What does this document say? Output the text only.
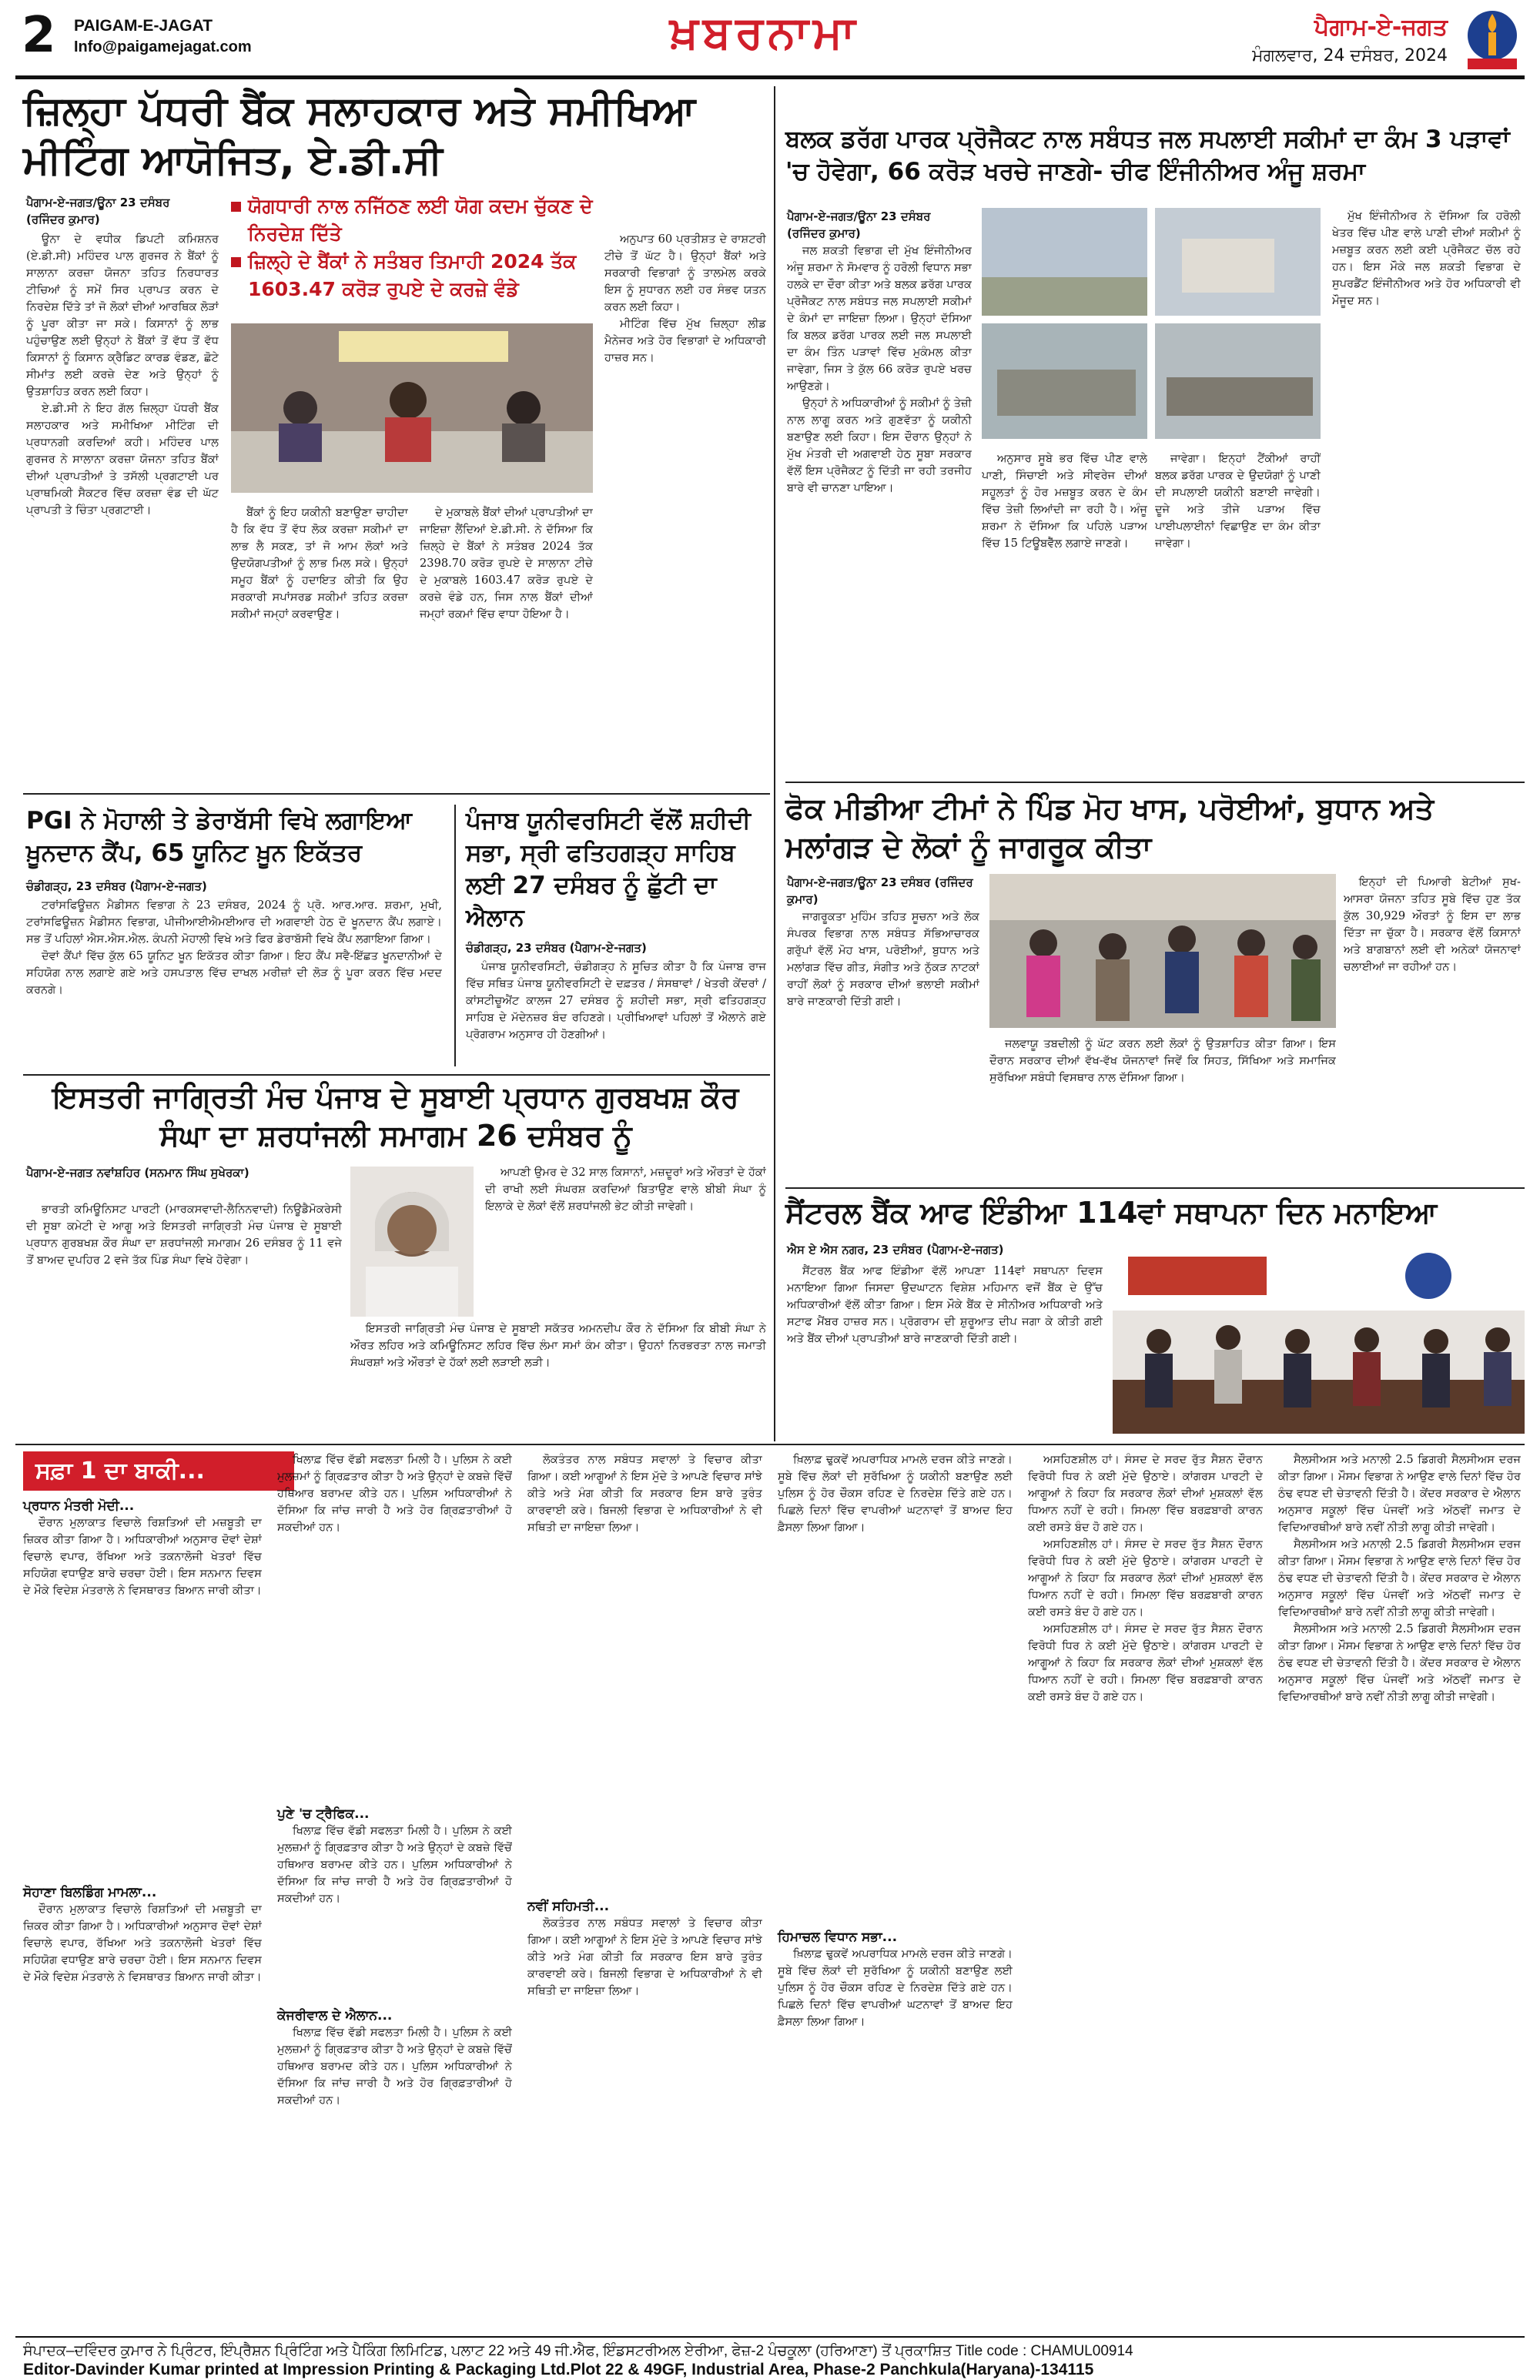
2 PAIGAM-E-JAGAT
Info@paigamejagat.com	ਖ਼ਬਰਨਾਮਾ	ਪੈਗਾਮ-ਏ-ਜਗਤ
ਮੰਗਲਵਾਰ, 24 ਦਸੰਬਰ, 2024
ਜ਼ਿਲ੍ਹਾ ਪੱਧਰੀ ਬੈਂਕ ਸਲਾਹਕਾਰ ਅਤੇ ਸਮੀਖਿਆ ਮੀਟਿੰਗ ਆਯੋਜਿਤ, ਏ.ਡੀ.ਸੀ
ਪੈਗਾਮ-ਏ-ਜਗਤ/ਊਨਾ 23 ਦਸੰਬਰ (ਰਜਿੰਦਰ ਕੁਮਾਰ)
ਯੋਗਧਾਰੀ ਨਾਲ ਨਜਿੱਠਣ ਲਈ ਯੋਗ ਕਦਮ ਚੁੱਕਣ ਦੇ ਨਿਰਦੇਸ਼ ਦਿੱਤੇ
ਜ਼ਿਲ੍ਹੇ ਦੇ ਬੈਂਕਾਂ ਨੇ ਸਤੰਬਰ ਤਿਮਾਹੀ 2024 ਤੱਕ 1603.47 ਕਰੋੜ ਰੁਪਏ ਦੇ ਕਰਜ਼ੇ ਵੰਡੇ

ਊਨਾ ਦੇ ਵਧੀਕ ਡਿਪਟੀ ਕਮਿਸ਼ਨਰ (ਏ.ਡੀ.ਸੀ) ਮਹਿੰਦਰ ਪਾਲ ਗੁਰਜਰ ਨੇ ਬੈਂਕਾਂ ਨੂੰ ਸਾਲਾਨਾ ਕਰਜ਼ਾ ਯੋਜਨਾ ਤਹਿਤ ਨਿਰਧਾਰਤ ਟੀਚਿਆਂ ਨੂੰ ਸਮੇਂ ਸਿਰ ਪ੍ਰਾਪਤ ਕਰਨ ਦੇ ਨਿਰਦੇਸ਼ ਦਿੱਤੇ ਤਾਂ ਜੋ ਲੋਕਾਂ ਦੀਆਂ ਆਰਥਿਕ ਲੋੜਾਂ ਨੂੰ ਪੂਰਾ ਕੀਤਾ ਜਾ ਸਕੇ। ਕਿਸਾਨਾਂ ਨੂੰ ਲਾਭ ਪਹੁੰਚਾਉਣ ਲਈ ਉਨ੍ਹਾਂ ਨੇ ਬੈਂਕਾਂ ਤੋਂ ਵੱਧ ਤੋਂ ਵੱਧ ਕਿਸਾਨਾਂ ਨੂੰ ਕਿਸਾਨ ਕ੍ਰੈਡਿਟ ਕਾਰਡ ਵੰਡਣ, ਛੋਟੇ ਸੀਮਾਂਤ ਲਈ ਕਰਜ਼ੇ ਦੇਣ ਅਤੇ ਉਨ੍ਹਾਂ ਨੂੰ ਉਤਸ਼ਾਹਿਤ ਕਰਨ ਲਈ ਕਿਹਾ।

ਏ.ਡੀ.ਸੀ ਨੇ ਇਹ ਗੱਲ ਜ਼ਿਲ੍ਹਾ ਪੱਧਰੀ ਬੈਂਕ ਸਲਾਹਕਾਰ ਅਤੇ ਸਮੀਖਿਆ ਮੀਟਿੰਗ ਦੀ ਪ੍ਰਧਾਨਗੀ ਕਰਦਿਆਂ ਕਹੀ। ਮਹਿੰਦਰ ਪਾਲ ਗੁਰਜਰ ਨੇ ਸਾਲਾਨਾ ਕਰਜ਼ਾ ਯੋਜਨਾ ਤਹਿਤ ਬੈਂਕਾਂ ਦੀਆਂ ਪ੍ਰਾਪਤੀਆਂ ਤੇ ਤਸੱਲੀ ਪ੍ਰਗਟਾਈ ਪਰ ਪ੍ਰਾਥਮਿਕੀ ਸੈਕਟਰ ਵਿੱਚ ਕਰਜ਼ਾ ਵੰਡ ਦੀ ਘੱਟ ਪ੍ਰਾਪਤੀ ਤੇ ਚਿੰਤਾ ਪ੍ਰਗਟਾਈ।	ਬੈਂਕਾਂ ਨੂੰ ਇਹ ਯਕੀਨੀ ਬਣਾਉਣਾ ਚਾਹੀਦਾ ਹੈ ਕਿ ਵੱਧ ਤੋਂ ਵੱਧ ਲੋਕ ਕਰਜ਼ਾ ਸਕੀਮਾਂ ਦਾ ਲਾਭ ਲੈ ਸਕਣ, ਤਾਂ ਜੋ ਆਮ ਲੋਕਾਂ ਅਤੇ ਉਦਯੋਗਪਤੀਆਂ ਨੂੰ ਲਾਭ ਮਿਲ ਸਕੇ। ਉਨ੍ਹਾਂ ਸਮੂਹ ਬੈਂਕਾਂ ਨੂੰ ਹਦਾਇਤ ਕੀਤੀ ਕਿ ਉਹ ਸਰਕਾਰੀ ਸਪਾਂਸਰਡ ਸਕੀਮਾਂ ਤਹਿਤ ਕਰਜ਼ਾ ਸਕੀਮਾਂ ਜਮ੍ਹਾਂ ਕਰਵਾਉਣ।

ਦੇ ਮੁਕਾਬਲੇ ਬੈਂਕਾਂ ਦੀਆਂ ਪ੍ਰਾਪਤੀਆਂ ਦਾ ਜਾਇਜ਼ਾ ਲੈਂਦਿਆਂ ਏ.ਡੀ.ਸੀ. ਨੇ ਦੱਸਿਆ ਕਿ ਜ਼ਿਲ੍ਹੇ ਦੇ ਬੈਂਕਾਂ ਨੇ ਸਤੰਬਰ 2024 ਤੱਕ 2398.70 ਕਰੋੜ ਰੁਪਏ ਦੇ ਸਾਲਾਨਾ ਟੀਚੇ ਦੇ ਮੁਕਾਬਲੇ 1603.47 ਕਰੋੜ ਰੁਪਏ ਦੇ ਕਰਜ਼ੇ ਵੰਡੇ ਹਨ, ਜਿਸ ਨਾਲ ਬੈਂਕਾਂ ਦੀਆਂ ਜਮ੍ਹਾਂ ਰਕਮਾਂ ਵਿੱਚ ਵਾਧਾ ਹੋਇਆ ਹੈ।

ਅਨੁਪਾਤ 60 ਪ੍ਰਤੀਸ਼ਤ ਦੇ ਰਾਸ਼ਟਰੀ ਟੀਚੇ ਤੋਂ ਘੱਟ ਹੈ। ਉਨ੍ਹਾਂ ਬੈਂਕਾਂ ਅਤੇ ਸਰਕਾਰੀ ਵਿਭਾਗਾਂ ਨੂੰ ਤਾਲਮੇਲ ਕਰਕੇ ਇਸ ਨੂੰ ਸੁਧਾਰਨ ਲਈ ਹਰ ਸੰਭਵ ਯਤਨ ਕਰਨ ਲਈ ਕਿਹਾ।

ਮੀਟਿੰਗ ਵਿੱਚ ਮੁੱਖ ਜ਼ਿਲ੍ਹਾ ਲੀਡ ਮੈਨੇਜਰ ਅਤੇ ਹੋਰ ਵਿਭਾਗਾਂ ਦੇ ਅਧਿਕਾਰੀ ਹਾਜ਼ਰ ਸਨ।

PGI ਨੇ ਮੋਹਾਲੀ ਤੇ ਡੇਰਾਬੱਸੀ ਵਿਖੇ ਲਗਾਇਆ ਖ਼ੂਨਦਾਨ ਕੈਂਪ, 65 ਯੂਨਿਟ ਖ਼ੂਨ ਇਕੱਤਰ
ਚੰਡੀਗੜ੍ਹ, 23 ਦਸੰਬਰ (ਪੈਗਾਮ-ਏ-ਜਗਤ)

ਟਰਾਂਸਫਿਊਜ਼ਨ ਮੈਡੀਸਨ ਵਿਭਾਗ ਨੇ 23 ਦਸੰਬਰ, 2024 ਨੂੰ ਪ੍ਰੋ. ਆਰ.ਆਰ. ਸ਼ਰਮਾ, ਮੁਖੀ, ਟਰਾਂਸਫਿਊਜ਼ਨ ਮੈਡੀਸਨ ਵਿਭਾਗ, ਪੀਜੀਆਈਐਮਈਆਰ ਦੀ ਅਗਵਾਈ ਹੇਠ ਦੋ ਖੂਨਦਾਨ ਕੈਂਪ ਲਗਾਏ। ਸਭ ਤੋਂ ਪਹਿਲਾਂ ਐਸ.ਐਸ.ਐਲ. ਕੰਪਨੀ ਮੋਹਾਲੀ ਵਿਖੇ ਅਤੇ ਫਿਰ ਡੇਰਾਬੱਸੀ ਵਿਖੇ ਕੈਂਪ ਲਗਾਇਆ ਗਿਆ।

ਦੋਵਾਂ ਕੈਂਪਾਂ ਵਿੱਚ ਕੁੱਲ 65 ਯੂਨਿਟ ਖੂਨ ਇਕੱਤਰ ਕੀਤਾ ਗਿਆ। ਇਹ ਕੈਂਪ ਸਵੈ-ਇੱਛਤ ਖੂਨਦਾਨੀਆਂ ਦੇ ਸਹਿਯੋਗ ਨਾਲ ਲਗਾਏ ਗਏ ਅਤੇ ਹਸਪਤਾਲ ਵਿੱਚ ਦਾਖਲ ਮਰੀਜ਼ਾਂ ਦੀ ਲੋੜ ਨੂੰ ਪੂਰਾ ਕਰਨ ਵਿੱਚ ਮਦਦ ਕਰਨਗੇ।

ਪੰਜਾਬ ਯੂਨੀਵਰਸਿਟੀ ਵੱਲੋਂ ਸ਼ਹੀਦੀ ਸਭਾ, ਸ੍ਰੀ ਫਤਿਹਗੜ੍ਹ ਸਾਹਿਬ ਲਈ 27 ਦਸੰਬਰ ਨੂੰ ਛੁੱਟੀ ਦਾ ਐਲਾਨ
ਚੰਡੀਗੜ੍ਹ, 23 ਦਸੰਬਰ (ਪੈਗਾਮ-ਏ-ਜਗਤ)

ਪੰਜਾਬ ਯੂਨੀਵਰਸਿਟੀ, ਚੰਡੀਗੜ੍ਹ ਨੇ ਸੂਚਿਤ ਕੀਤਾ ਹੈ ਕਿ ਪੰਜਾਬ ਰਾਜ ਵਿੱਚ ਸਥਿਤ ਪੰਜਾਬ ਯੂਨੀਵਰਸਿਟੀ ਦੇ ਦਫ਼ਤਰ / ਸੰਸਥਾਵਾਂ / ਖੇਤਰੀ ਕੇਂਦਰਾਂ / ਕਾਂਸਟੀਚੂਐਂਟ ਕਾਲਜ 27 ਦਸੰਬਰ ਨੂੰ ਸ਼ਹੀਦੀ ਸਭਾ, ਸ੍ਰੀ ਫਤਿਹਗੜ੍ਹ ਸਾਹਿਬ ਦੇ ਮੱਦੇਨਜ਼ਰ ਬੰਦ ਰਹਿਣਗੇ। ਪ੍ਰੀਖਿਆਵਾਂ ਪਹਿਲਾਂ ਤੋਂ ਐਲਾਨੇ ਗਏ ਪ੍ਰੋਗਰਾਮ ਅਨੁਸਾਰ ਹੀ ਹੋਣਗੀਆਂ।

ਇਸਤਰੀ ਜਾਗ੍ਰਿਤੀ ਮੰਚ ਪੰਜਾਬ ਦੇ ਸੂਬਾਈ ਪ੍ਰਧਾਨ ਗੁਰਬਖਸ਼ ਕੌਰ ਸੰਘਾ ਦਾ ਸ਼ਰਧਾਂਜਲੀ ਸਮਾਗਮ 26 ਦਸੰਬਰ ਨੂੰ
ਪੈਗਾਮ-ਏ-ਜਗਤ ਨਵਾਂਸ਼ਹਿਰ (ਸਨਮਾਨ ਸਿੰਘ ਸੁਖੇਰਕਾ)

ਭਾਰਤੀ ਕਮਿਊਨਿਸਟ ਪਾਰਟੀ (ਮਾਰਕਸਵਾਦੀ-ਲੈਨਿਨਵਾਦੀ) ਨਿਊਡੈਮੋਕਰੇਸੀ ਦੀ ਸੂਬਾ ਕਮੇਟੀ ਦੇ ਆਗੂ ਅਤੇ ਇਸਤਰੀ ਜਾਗ੍ਰਿਤੀ ਮੰਚ ਪੰਜਾਬ ਦੇ ਸੂਬਾਈ ਪ੍ਰਧਾਨ ਗੁਰਬਖਸ਼ ਕੌਰ ਸੰਘਾ ਦਾ ਸ਼ਰਧਾਂਜਲੀ ਸਮਾਗਮ 26 ਦਸੰਬਰ ਨੂੰ 11 ਵਜੇ ਤੋਂ ਬਾਅਦ ਦੁਪਹਿਰ 2 ਵਜੇ ਤੱਕ ਪਿੰਡ ਸੰਘਾ ਵਿਖੇ ਹੋਵੇਗਾ।

ਆਪਣੀ ਉਮਰ ਦੇ 32 ਸਾਲ ਕਿਸਾਨਾਂ, ਮਜ਼ਦੂਰਾਂ ਅਤੇ ਔਰਤਾਂ ਦੇ ਹੱਕਾਂ ਦੀ ਰਾਖੀ ਲਈ ਸੰਘਰਸ਼ ਕਰਦਿਆਂ ਬਿਤਾਉਣ ਵਾਲੇ ਬੀਬੀ ਸੰਘਾ ਨੂੰ ਇਲਾਕੇ ਦੇ ਲੋਕਾਂ ਵੱਲੋਂ ਸ਼ਰਧਾਂਜਲੀ ਭੇਟ ਕੀਤੀ ਜਾਵੇਗੀ।

ਇਸਤਰੀ ਜਾਗ੍ਰਿਤੀ ਮੰਚ ਪੰਜਾਬ ਦੇ ਸੂਬਾਈ ਸਕੱਤਰ ਅਮਨਦੀਪ ਕੌਰ ਨੇ ਦੱਸਿਆ ਕਿ ਬੀਬੀ ਸੰਘਾ ਨੇ ਔਰਤ ਲਹਿਰ ਅਤੇ ਕਮਿਊਨਿਸਟ ਲਹਿਰ ਵਿੱਚ ਲੰਮਾ ਸਮਾਂ ਕੰਮ ਕੀਤਾ। ਉਹਨਾਂ ਨਿਰਭਰਤਾ ਨਾਲ ਜਮਾਤੀ ਸੰਘਰਸ਼ਾਂ ਅਤੇ ਔਰਤਾਂ ਦੇ ਹੱਕਾਂ ਲਈ ਲੜਾਈ ਲੜੀ।

ਬਲਕ ਡਰੱਗ ਪਾਰਕ ਪ੍ਰੋਜੈਕਟ ਨਾਲ ਸਬੰਧਤ ਜਲ ਸਪਲਾਈ ਸਕੀਮਾਂ ਦਾ ਕੰਮ 3 ਪੜਾਵਾਂ 'ਚ ਹੋਵੇਗਾ, 66 ਕਰੋੜ ਖਰਚੇ ਜਾਣਗੇ- ਚੀਫ ਇੰਜੀਨੀਅਰ ਅੰਜੂ ਸ਼ਰਮਾ
ਪੈਗਾਮ-ਏ-ਜਗਤ/ਊਨਾ 23 ਦਸੰਬਰ (ਰਜਿੰਦਰ ਕੁਮਾਰ)

ਜਲ ਸ਼ਕਤੀ ਵਿਭਾਗ ਦੀ ਮੁੱਖ ਇੰਜੀਨੀਅਰ ਅੰਜੂ ਸ਼ਰਮਾ ਨੇ ਸੋਮਵਾਰ ਨੂੰ ਹਰੋਲੀ ਵਿਧਾਨ ਸਭਾ ਹਲਕੇ ਦਾ ਦੌਰਾ ਕੀਤਾ ਅਤੇ ਬਲਕ ਡਰੱਗ ਪਾਰਕ ਪ੍ਰੋਜੈਕਟ ਨਾਲ ਸਬੰਧਤ ਜਲ ਸਪਲਾਈ ਸਕੀਮਾਂ ਦੇ ਕੰਮਾਂ ਦਾ ਜਾਇਜ਼ਾ ਲਿਆ। ਉਨ੍ਹਾਂ ਦੱਸਿਆ ਕਿ ਬਲਕ ਡਰੱਗ ਪਾਰਕ ਲਈ ਜਲ ਸਪਲਾਈ ਦਾ ਕੰਮ ਤਿੰਨ ਪੜਾਵਾਂ ਵਿੱਚ ਮੁਕੰਮਲ ਕੀਤਾ ਜਾਵੇਗਾ, ਜਿਸ ਤੇ ਕੁੱਲ 66 ਕਰੋੜ ਰੁਪਏ ਖਰਚ ਆਉਣਗੇ।

ਉਨ੍ਹਾਂ ਨੇ ਅਧਿਕਾਰੀਆਂ ਨੂੰ ਸਕੀਮਾਂ ਨੂੰ ਤੇਜ਼ੀ ਨਾਲ ਲਾਗੂ ਕਰਨ ਅਤੇ ਗੁਣਵੱਤਾ ਨੂੰ ਯਕੀਨੀ ਬਣਾਉਣ ਲਈ ਕਿਹਾ। ਇਸ ਦੌਰਾਨ ਉਨ੍ਹਾਂ ਨੇ ਮੁੱਖ ਮੰਤਰੀ ਦੀ ਅਗਵਾਈ ਹੇਠ ਸੂਬਾ ਸਰਕਾਰ ਵੱਲੋਂ ਇਸ ਪ੍ਰੋਜੈਕਟ ਨੂੰ ਦਿੱਤੀ ਜਾ ਰਹੀ ਤਰਜੀਹ ਬਾਰੇ ਵੀ ਚਾਨਣਾ ਪਾਇਆ।

ਅਨੁਸਾਰ ਸੂਬੇ ਭਰ ਵਿੱਚ ਪੀਣ ਵਾਲੇ ਪਾਣੀ, ਸਿੰਚਾਈ ਅਤੇ ਸੀਵਰੇਜ ਦੀਆਂ ਸਹੂਲਤਾਂ ਨੂੰ ਹੋਰ ਮਜ਼ਬੂਤ ਕਰਨ ਦੇ ਕੰਮ ਵਿੱਚ ਤੇਜ਼ੀ ਲਿਆਂਦੀ ਜਾ ਰਹੀ ਹੈ। ਅੰਜੂ ਸ਼ਰਮਾ ਨੇ ਦੱਸਿਆ ਕਿ ਪਹਿਲੇ ਪੜਾਅ ਵਿੱਚ 15 ਟਿਊਬਵੈੱਲ ਲਗਾਏ ਜਾਣਗੇ।

ਜਾਵੇਗਾ। ਇਨ੍ਹਾਂ ਟੈਂਕੀਆਂ ਰਾਹੀਂ ਬਲਕ ਡਰੱਗ ਪਾਰਕ ਦੇ ਉਦਯੋਗਾਂ ਨੂੰ ਪਾਣੀ ਦੀ ਸਪਲਾਈ ਯਕੀਨੀ ਬਣਾਈ ਜਾਵੇਗੀ। ਦੂਜੇ ਅਤੇ ਤੀਜੇ ਪੜਾਅ ਵਿੱਚ ਪਾਈਪਲਾਈਨਾਂ ਵਿਛਾਉਣ ਦਾ ਕੰਮ ਕੀਤਾ ਜਾਵੇਗਾ।

ਮੁੱਖ ਇੰਜੀਨੀਅਰ ਨੇ ਦੱਸਿਆ ਕਿ ਹਰੋਲੀ ਖੇਤਰ ਵਿੱਚ ਪੀਣ ਵਾਲੇ ਪਾਣੀ ਦੀਆਂ ਸਕੀਮਾਂ ਨੂੰ ਮਜ਼ਬੂਤ ਕਰਨ ਲਈ ਕਈ ਪ੍ਰੋਜੈਕਟ ਚੱਲ ਰਹੇ ਹਨ। ਇਸ ਮੌਕੇ ਜਲ ਸ਼ਕਤੀ ਵਿਭਾਗ ਦੇ ਸੁਪਰਡੈਂਟ ਇੰਜੀਨੀਅਰ ਅਤੇ ਹੋਰ ਅਧਿਕਾਰੀ ਵੀ ਮੌਜੂਦ ਸਨ।

ਫੋਕ ਮੀਡੀਆ ਟੀਮਾਂ ਨੇ ਪਿੰਡ ਮੋਹ ਖਾਸ, ਪਰੋਈਆਂ, ਬੁਧਾਨ ਅਤੇ ਮਲਾਂਗੜ ਦੇ ਲੋਕਾਂ ਨੂੰ ਜਾਗਰੂਕ ਕੀਤਾ
ਪੈਗਾਮ-ਏ-ਜਗਤ/ਊਨਾ 23 ਦਸੰਬਰ (ਰਜਿੰਦਰ ਕੁਮਾਰ)

ਜਾਗਰੂਕਤਾ ਮੁਹਿੰਮ ਤਹਿਤ ਸੂਚਨਾ ਅਤੇ ਲੋਕ ਸੰਪਰਕ ਵਿਭਾਗ ਨਾਲ ਸਬੰਧਤ ਸੱਭਿਆਚਾਰਕ ਗਰੁੱਪਾਂ ਵੱਲੋਂ ਮੋਹ ਖਾਸ, ਪਰੋਈਆਂ, ਬੁਧਾਨ ਅਤੇ ਮਲਾਂਗੜ ਵਿੱਚ ਗੀਤ, ਸੰਗੀਤ ਅਤੇ ਨੁੱਕੜ ਨਾਟਕਾਂ ਰਾਹੀਂ ਲੋਕਾਂ ਨੂੰ ਸਰਕਾਰ ਦੀਆਂ ਭਲਾਈ ਸਕੀਮਾਂ ਬਾਰੇ ਜਾਣਕਾਰੀ ਦਿੱਤੀ ਗਈ।

ਜਲਵਾਯੂ ਤਬਦੀਲੀ ਨੂੰ ਘੱਟ ਕਰਨ ਲਈ ਲੋਕਾਂ ਨੂੰ ਉਤਸ਼ਾਹਿਤ ਕੀਤਾ ਗਿਆ। ਇਸ ਦੌਰਾਨ ਸਰਕਾਰ ਦੀਆਂ ਵੱਖ-ਵੱਖ ਯੋਜਨਾਵਾਂ ਜਿਵੇਂ ਕਿ ਸਿਹਤ, ਸਿੱਖਿਆ ਅਤੇ ਸਮਾਜਿਕ ਸੁਰੱਖਿਆ ਸਬੰਧੀ ਵਿਸਥਾਰ ਨਾਲ ਦੱਸਿਆ ਗਿਆ।

ਇਨ੍ਹਾਂ ਦੀ ਪਿਆਰੀ ਬੇਟੀਆਂ ਸੁਖ-ਆਸਰਾ ਯੋਜਨਾ ਤਹਿਤ ਸੂਬੇ ਵਿੱਚ ਹੁਣ ਤੱਕ ਕੁੱਲ 30,929 ਔਰਤਾਂ ਨੂੰ ਇਸ ਦਾ ਲਾਭ ਦਿੱਤਾ ਜਾ ਚੁੱਕਾ ਹੈ। ਸਰਕਾਰ ਵੱਲੋਂ ਕਿਸਾਨਾਂ ਅਤੇ ਬਾਗਬਾਨਾਂ ਲਈ ਵੀ ਅਨੇਕਾਂ ਯੋਜਨਾਵਾਂ ਚਲਾਈਆਂ ਜਾ ਰਹੀਆਂ ਹਨ।

ਸੈਂਟਰਲ ਬੈਂਕ ਆਫ ਇੰਡੀਆ 114ਵਾਂ ਸਥਾਪਨਾ ਦਿਨ ਮਨਾਇਆ
ਐਸ ਏ ਐਸ ਨਗਰ, 23 ਦਸੰਬਰ (ਪੈਗਾਮ-ਏ-ਜਗਤ)

ਸੈਂਟਰਲ ਬੈਂਕ ਆਫ ਇੰਡੀਆ ਵੱਲੋਂ ਆਪਣਾ 114ਵਾਂ ਸਥਾਪਨਾ ਦਿਵਸ ਮਨਾਇਆ ਗਿਆ ਜਿਸਦਾ ਉਦਘਾਟਨ ਵਿਸ਼ੇਸ਼ ਮਹਿਮਾਨ ਵਜੋਂ ਬੈਂਕ ਦੇ ਉੱਚ ਅਧਿਕਾਰੀਆਂ ਵੱਲੋਂ ਕੀਤਾ ਗਿਆ। ਇਸ ਮੌਕੇ ਬੈਂਕ ਦੇ ਸੀਨੀਅਰ ਅਧਿਕਾਰੀ ਅਤੇ ਸਟਾਫ ਮੈਂਬਰ ਹਾਜ਼ਰ ਸਨ। ਪ੍ਰੋਗਰਾਮ ਦੀ ਸ਼ੁਰੂਆਤ ਦੀਪ ਜਗਾ ਕੇ ਕੀਤੀ ਗਈ ਅਤੇ ਬੈਂਕ ਦੀਆਂ ਪ੍ਰਾਪਤੀਆਂ ਬਾਰੇ ਜਾਣਕਾਰੀ ਦਿੱਤੀ ਗਈ।

ਸਫ਼ਾ 1 ਦਾ ਬਾਕੀ...
ਪ੍ਰਧਾਨ ਮੰਤਰੀ ਮੋਦੀ...

ਦੌਰਾਨ ਮੁਲਾਕਾਤ ਵਿਚਾਲੇ ਰਿਸ਼ਤਿਆਂ ਦੀ ਮਜ਼ਬੂਤੀ ਦਾ ਜ਼ਿਕਰ ਕੀਤਾ ਗਿਆ ਹੈ। ਅਧਿਕਾਰੀਆਂ ਅਨੁਸਾਰ ਦੋਵਾਂ ਦੇਸ਼ਾਂ ਵਿਚਾਲੇ ਵਪਾਰ, ਰੱਖਿਆ ਅਤੇ ਤਕਨਾਲੋਜੀ ਖੇਤਰਾਂ ਵਿੱਚ ਸਹਿਯੋਗ ਵਧਾਉਣ ਬਾਰੇ ਚਰਚਾ ਹੋਈ। ਇਸ ਸਨਮਾਨ ਦਿਵਸ ਦੇ ਮੌਕੇ ਵਿਦੇਸ਼ ਮੰਤਰਾਲੇ ਨੇ ਵਿਸਥਾਰਤ ਬਿਆਨ ਜਾਰੀ ਕੀਤਾ।

ਸੋਹਾਣਾ ਬਿਲਡਿੰਗ ਮਾਮਲਾ...

ਦੌਰਾਨ ਮੁਲਾਕਾਤ ਵਿਚਾਲੇ ਰਿਸ਼ਤਿਆਂ ਦੀ ਮਜ਼ਬੂਤੀ ਦਾ ਜ਼ਿਕਰ ਕੀਤਾ ਗਿਆ ਹੈ। ਅਧਿਕਾਰੀਆਂ ਅਨੁਸਾਰ ਦੋਵਾਂ ਦੇਸ਼ਾਂ ਵਿਚਾਲੇ ਵਪਾਰ, ਰੱਖਿਆ ਅਤੇ ਤਕਨਾਲੋਜੀ ਖੇਤਰਾਂ ਵਿੱਚ ਸਹਿਯੋਗ ਵਧਾਉਣ ਬਾਰੇ ਚਰਚਾ ਹੋਈ। ਇਸ ਸਨਮਾਨ ਦਿਵਸ ਦੇ ਮੌਕੇ ਵਿਦੇਸ਼ ਮੰਤਰਾਲੇ ਨੇ ਵਿਸਥਾਰਤ ਬਿਆਨ ਜਾਰੀ ਕੀਤਾ।

ਖਿਲਾਫ਼ ਵਿੱਚ ਵੱਡੀ ਸਫਲਤਾ ਮਿਲੀ ਹੈ। ਪੁਲਿਸ ਨੇ ਕਈ ਮੁਲਜ਼ਮਾਂ ਨੂੰ ਗ੍ਰਿਫ਼ਤਾਰ ਕੀਤਾ ਹੈ ਅਤੇ ਉਨ੍ਹਾਂ ਦੇ ਕਬਜ਼ੇ ਵਿੱਚੋਂ ਹਥਿਆਰ ਬਰਾਮਦ ਕੀਤੇ ਹਨ। ਪੁਲਿਸ ਅਧਿਕਾਰੀਆਂ ਨੇ ਦੱਸਿਆ ਕਿ ਜਾਂਚ ਜਾਰੀ ਹੈ ਅਤੇ ਹੋਰ ਗ੍ਰਿਫ਼ਤਾਰੀਆਂ ਹੋ ਸਕਦੀਆਂ ਹਨ।

ਪੁਣੇ 'ਚ ਟ੍ਰੈਫਿਕ...

ਖਿਲਾਫ਼ ਵਿੱਚ ਵੱਡੀ ਸਫਲਤਾ ਮਿਲੀ ਹੈ। ਪੁਲਿਸ ਨੇ ਕਈ ਮੁਲਜ਼ਮਾਂ ਨੂੰ ਗ੍ਰਿਫ਼ਤਾਰ ਕੀਤਾ ਹੈ ਅਤੇ ਉਨ੍ਹਾਂ ਦੇ ਕਬਜ਼ੇ ਵਿੱਚੋਂ ਹਥਿਆਰ ਬਰਾਮਦ ਕੀਤੇ ਹਨ। ਪੁਲਿਸ ਅਧਿਕਾਰੀਆਂ ਨੇ ਦੱਸਿਆ ਕਿ ਜਾਂਚ ਜਾਰੀ ਹੈ ਅਤੇ ਹੋਰ ਗ੍ਰਿਫ਼ਤਾਰੀਆਂ ਹੋ ਸਕਦੀਆਂ ਹਨ।

ਕੇਜਰੀਵਾਲ ਦੇ ਐਲਾਨ...

ਖਿਲਾਫ਼ ਵਿੱਚ ਵੱਡੀ ਸਫਲਤਾ ਮਿਲੀ ਹੈ। ਪੁਲਿਸ ਨੇ ਕਈ ਮੁਲਜ਼ਮਾਂ ਨੂੰ ਗ੍ਰਿਫ਼ਤਾਰ ਕੀਤਾ ਹੈ ਅਤੇ ਉਨ੍ਹਾਂ ਦੇ ਕਬਜ਼ੇ ਵਿੱਚੋਂ ਹਥਿਆਰ ਬਰਾਮਦ ਕੀਤੇ ਹਨ। ਪੁਲਿਸ ਅਧਿਕਾਰੀਆਂ ਨੇ ਦੱਸਿਆ ਕਿ ਜਾਂਚ ਜਾਰੀ ਹੈ ਅਤੇ ਹੋਰ ਗ੍ਰਿਫ਼ਤਾਰੀਆਂ ਹੋ ਸਕਦੀਆਂ ਹਨ।

ਲੋਕਤੰਤਰ ਨਾਲ ਸਬੰਧਤ ਸਵਾਲਾਂ ਤੇ ਵਿਚਾਰ ਕੀਤਾ ਗਿਆ। ਕਈ ਆਗੂਆਂ ਨੇ ਇਸ ਮੁੱਦੇ ਤੇ ਆਪਣੇ ਵਿਚਾਰ ਸਾਂਝੇ ਕੀਤੇ ਅਤੇ ਮੰਗ ਕੀਤੀ ਕਿ ਸਰਕਾਰ ਇਸ ਬਾਰੇ ਤੁਰੰਤ ਕਾਰਵਾਈ ਕਰੇ। ਬਿਜਲੀ ਵਿਭਾਗ ਦੇ ਅਧਿਕਾਰੀਆਂ ਨੇ ਵੀ ਸਥਿਤੀ ਦਾ ਜਾਇਜ਼ਾ ਲਿਆ।

ਨਵੀਂ ਸਹਿਮਤੀ...

ਲੋਕਤੰਤਰ ਨਾਲ ਸਬੰਧਤ ਸਵਾਲਾਂ ਤੇ ਵਿਚਾਰ ਕੀਤਾ ਗਿਆ। ਕਈ ਆਗੂਆਂ ਨੇ ਇਸ ਮੁੱਦੇ ਤੇ ਆਪਣੇ ਵਿਚਾਰ ਸਾਂਝੇ ਕੀਤੇ ਅਤੇ ਮੰਗ ਕੀਤੀ ਕਿ ਸਰਕਾਰ ਇਸ ਬਾਰੇ ਤੁਰੰਤ ਕਾਰਵਾਈ ਕਰੇ। ਬਿਜਲੀ ਵਿਭਾਗ ਦੇ ਅਧਿਕਾਰੀਆਂ ਨੇ ਵੀ ਸਥਿਤੀ ਦਾ ਜਾਇਜ਼ਾ ਲਿਆ।

ਖ਼ਿਲਾਫ਼ ਢੁਕਵੇਂ ਅਪਰਾਧਿਕ ਮਾਮਲੇ ਦਰਜ ਕੀਤੇ ਜਾਣਗੇ। ਸੂਬੇ ਵਿੱਚ ਲੋਕਾਂ ਦੀ ਸੁਰੱਖਿਆ ਨੂੰ ਯਕੀਨੀ ਬਣਾਉਣ ਲਈ ਪੁਲਿਸ ਨੂੰ ਹੋਰ ਚੌਕਸ ਰਹਿਣ ਦੇ ਨਿਰਦੇਸ਼ ਦਿੱਤੇ ਗਏ ਹਨ। ਪਿਛਲੇ ਦਿਨਾਂ ਵਿੱਚ ਵਾਪਰੀਆਂ ਘਟਨਾਵਾਂ ਤੋਂ ਬਾਅਦ ਇਹ ਫ਼ੈਸਲਾ ਲਿਆ ਗਿਆ।

ਹਿਮਾਚਲ ਵਿਧਾਨ ਸਭਾ...

ਖ਼ਿਲਾਫ਼ ਢੁਕਵੇਂ ਅਪਰਾਧਿਕ ਮਾਮਲੇ ਦਰਜ ਕੀਤੇ ਜਾਣਗੇ। ਸੂਬੇ ਵਿੱਚ ਲੋਕਾਂ ਦੀ ਸੁਰੱਖਿਆ ਨੂੰ ਯਕੀਨੀ ਬਣਾਉਣ ਲਈ ਪੁਲਿਸ ਨੂੰ ਹੋਰ ਚੌਕਸ ਰਹਿਣ ਦੇ ਨਿਰਦੇਸ਼ ਦਿੱਤੇ ਗਏ ਹਨ। ਪਿਛਲੇ ਦਿਨਾਂ ਵਿੱਚ ਵਾਪਰੀਆਂ ਘਟਨਾਵਾਂ ਤੋਂ ਬਾਅਦ ਇਹ ਫ਼ੈਸਲਾ ਲਿਆ ਗਿਆ।

ਅਸਹਿਣਸ਼ੀਲ ਹਾਂ। ਸੰਸਦ ਦੇ ਸਰਦ ਰੁੱਤ ਸੈਸ਼ਨ ਦੌਰਾਨ ਵਿਰੋਧੀ ਧਿਰ ਨੇ ਕਈ ਮੁੱਦੇ ਉਠਾਏ। ਕਾਂਗਰਸ ਪਾਰਟੀ ਦੇ ਆਗੂਆਂ ਨੇ ਕਿਹਾ ਕਿ ਸਰਕਾਰ ਲੋਕਾਂ ਦੀਆਂ ਮੁਸ਼ਕਲਾਂ ਵੱਲ ਧਿਆਨ ਨਹੀਂ ਦੇ ਰਹੀ। ਸਿਮਲਾ ਵਿੱਚ ਬਰਫ਼ਬਾਰੀ ਕਾਰਨ ਕਈ ਰਸਤੇ ਬੰਦ ਹੋ ਗਏ ਹਨ।

ਅਸਹਿਣਸ਼ੀਲ ਹਾਂ। ਸੰਸਦ ਦੇ ਸਰਦ ਰੁੱਤ ਸੈਸ਼ਨ ਦੌਰਾਨ ਵਿਰੋਧੀ ਧਿਰ ਨੇ ਕਈ ਮੁੱਦੇ ਉਠਾਏ। ਕਾਂਗਰਸ ਪਾਰਟੀ ਦੇ ਆਗੂਆਂ ਨੇ ਕਿਹਾ ਕਿ ਸਰਕਾਰ ਲੋਕਾਂ ਦੀਆਂ ਮੁਸ਼ਕਲਾਂ ਵੱਲ ਧਿਆਨ ਨਹੀਂ ਦੇ ਰਹੀ। ਸਿਮਲਾ ਵਿੱਚ ਬਰਫ਼ਬਾਰੀ ਕਾਰਨ ਕਈ ਰਸਤੇ ਬੰਦ ਹੋ ਗਏ ਹਨ।

ਅਸਹਿਣਸ਼ੀਲ ਹਾਂ। ਸੰਸਦ ਦੇ ਸਰਦ ਰੁੱਤ ਸੈਸ਼ਨ ਦੌਰਾਨ ਵਿਰੋਧੀ ਧਿਰ ਨੇ ਕਈ ਮੁੱਦੇ ਉਠਾਏ। ਕਾਂਗਰਸ ਪਾਰਟੀ ਦੇ ਆਗੂਆਂ ਨੇ ਕਿਹਾ ਕਿ ਸਰਕਾਰ ਲੋਕਾਂ ਦੀਆਂ ਮੁਸ਼ਕਲਾਂ ਵੱਲ ਧਿਆਨ ਨਹੀਂ ਦੇ ਰਹੀ। ਸਿਮਲਾ ਵਿੱਚ ਬਰਫ਼ਬਾਰੀ ਕਾਰਨ ਕਈ ਰਸਤੇ ਬੰਦ ਹੋ ਗਏ ਹਨ।

ਸੈਲਸੀਅਸ ਅਤੇ ਮਨਾਲੀ 2.5 ਡਿਗਰੀ ਸੈਲਸੀਅਸ ਦਰਜ ਕੀਤਾ ਗਿਆ। ਮੌਸਮ ਵਿਭਾਗ ਨੇ ਆਉਣ ਵਾਲੇ ਦਿਨਾਂ ਵਿੱਚ ਹੋਰ ਠੰਢ ਵਧਣ ਦੀ ਚੇਤਾਵਨੀ ਦਿੱਤੀ ਹੈ। ਕੇਂਦਰ ਸਰਕਾਰ ਦੇ ਐਲਾਨ ਅਨੁਸਾਰ ਸਕੂਲਾਂ ਵਿੱਚ ਪੰਜਵੀਂ ਅਤੇ ਅੱਠਵੀਂ ਜਮਾਤ ਦੇ ਵਿਦਿਆਰਥੀਆਂ ਬਾਰੇ ਨਵੀਂ ਨੀਤੀ ਲਾਗੂ ਕੀਤੀ ਜਾਵੇਗੀ।

ਸੈਲਸੀਅਸ ਅਤੇ ਮਨਾਲੀ 2.5 ਡਿਗਰੀ ਸੈਲਸੀਅਸ ਦਰਜ ਕੀਤਾ ਗਿਆ। ਮੌਸਮ ਵਿਭਾਗ ਨੇ ਆਉਣ ਵਾਲੇ ਦਿਨਾਂ ਵਿੱਚ ਹੋਰ ਠੰਢ ਵਧਣ ਦੀ ਚੇਤਾਵਨੀ ਦਿੱਤੀ ਹੈ। ਕੇਂਦਰ ਸਰਕਾਰ ਦੇ ਐਲਾਨ ਅਨੁਸਾਰ ਸਕੂਲਾਂ ਵਿੱਚ ਪੰਜਵੀਂ ਅਤੇ ਅੱਠਵੀਂ ਜਮਾਤ ਦੇ ਵਿਦਿਆਰਥੀਆਂ ਬਾਰੇ ਨਵੀਂ ਨੀਤੀ ਲਾਗੂ ਕੀਤੀ ਜਾਵੇਗੀ।

ਸੈਲਸੀਅਸ ਅਤੇ ਮਨਾਲੀ 2.5 ਡਿਗਰੀ ਸੈਲਸੀਅਸ ਦਰਜ ਕੀਤਾ ਗਿਆ। ਮੌਸਮ ਵਿਭਾਗ ਨੇ ਆਉਣ ਵਾਲੇ ਦਿਨਾਂ ਵਿੱਚ ਹੋਰ ਠੰਢ ਵਧਣ ਦੀ ਚੇਤਾਵਨੀ ਦਿੱਤੀ ਹੈ। ਕੇਂਦਰ ਸਰਕਾਰ ਦੇ ਐਲਾਨ ਅਨੁਸਾਰ ਸਕੂਲਾਂ ਵਿੱਚ ਪੰਜਵੀਂ ਅਤੇ ਅੱਠਵੀਂ ਜਮਾਤ ਦੇ ਵਿਦਿਆਰਥੀਆਂ ਬਾਰੇ ਨਵੀਂ ਨੀਤੀ ਲਾਗੂ ਕੀਤੀ ਜਾਵੇਗੀ।

ਸੰਪਾਦਕ–ਦਵਿੰਦਰ ਕੁਮਾਰ ਨੇ ਪ੍ਰਿੰਟਰ, ਇੰਪ੍ਰੈਸ਼ਨ ਪ੍ਰਿੰਟਿੰਗ ਅਤੇ ਪੈਕਿੰਗ ਲਿਮਿਟਿਡ, ਪਲਾਟ 22 ਅਤੇ 49 ਜੀ.ਐਫ, ਇੰਡਸਟਰੀਅਲ ਏਰੀਆ, ਫੇਜ਼-2 ਪੰਚਕੂਲਾ (ਹਰਿਆਣਾ) ਤੋਂ ਪ੍ਰਕਾਸ਼ਿਤ Title code : CHAMUL00914
Editor-Davinder Kumar printed at Impression Printing & Packaging Ltd.Plot 22 & 49GF, Industrial Area, Phase-2 Panchkula(Haryana)-134115
